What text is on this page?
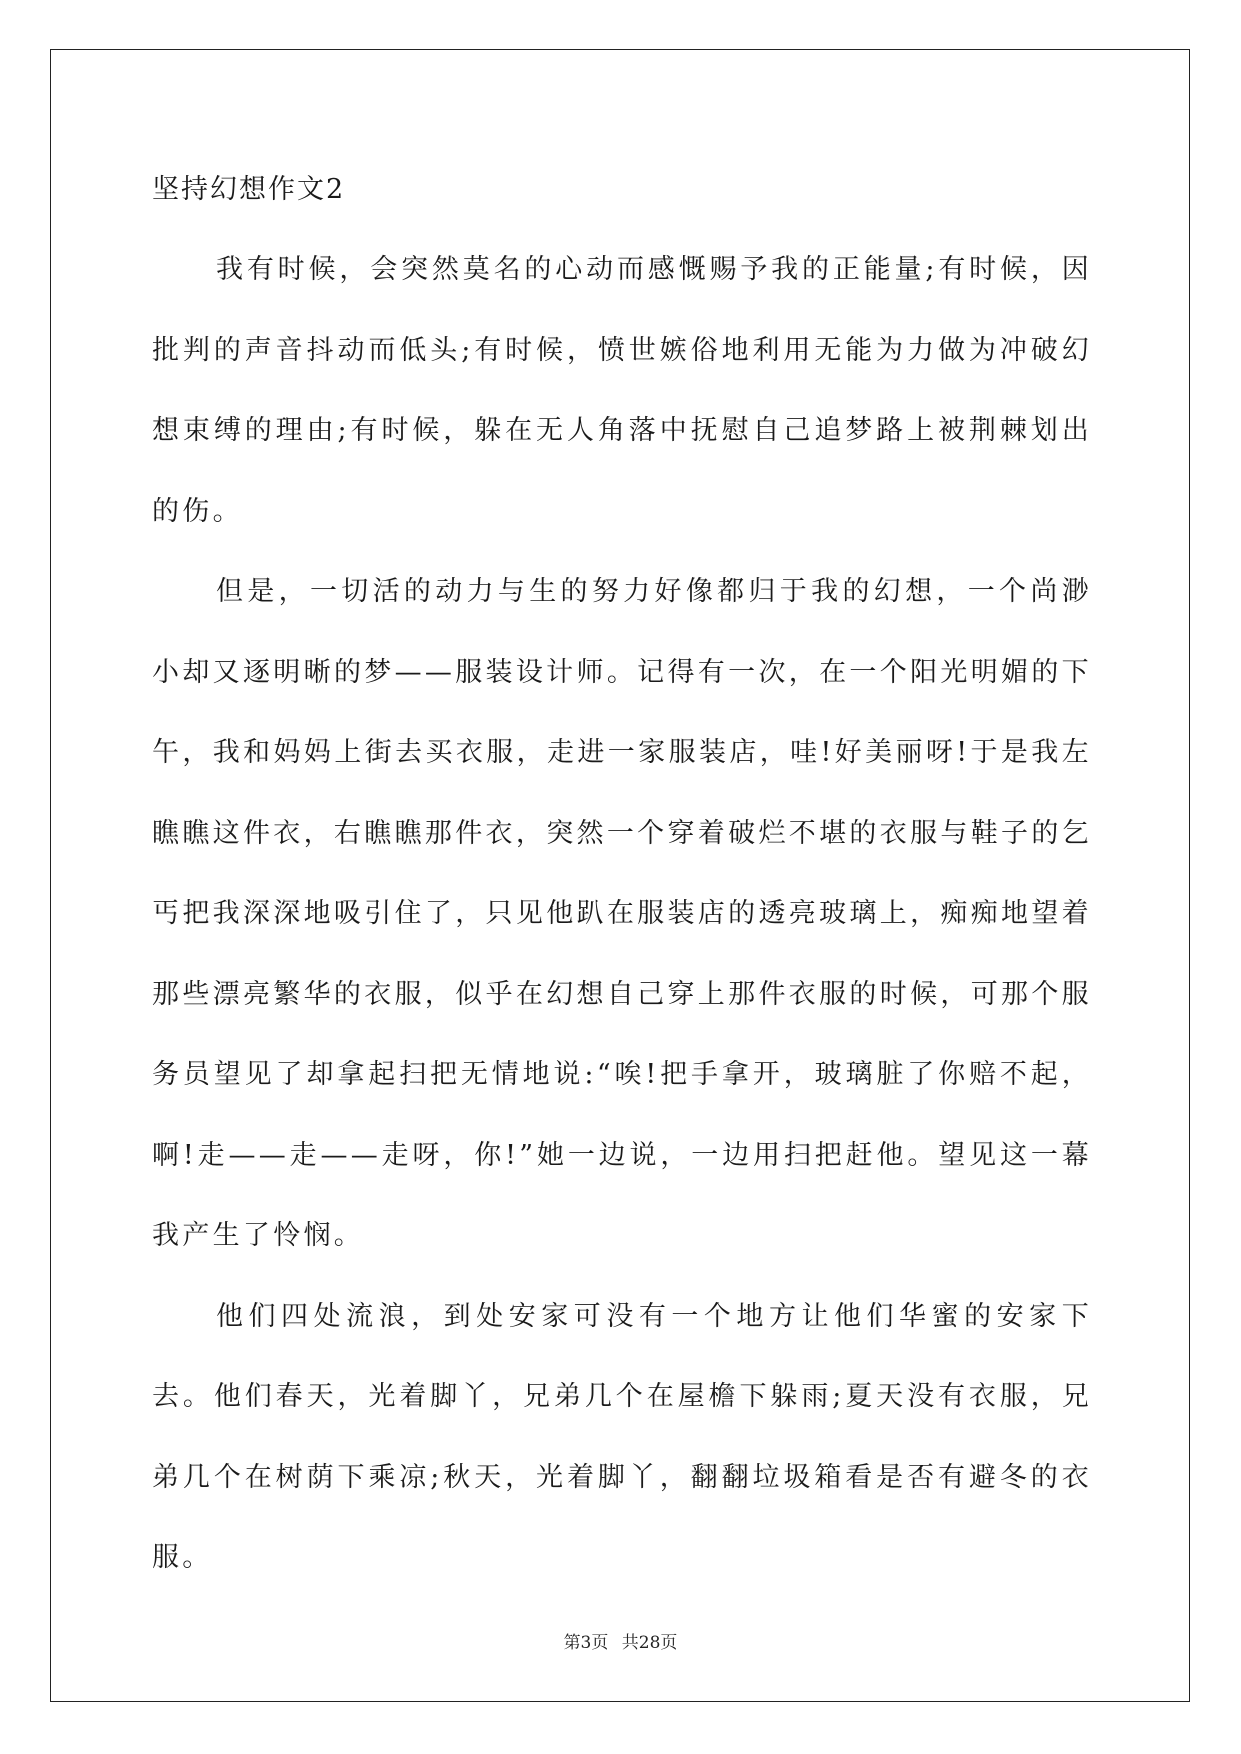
坚持幻想作文2

我有时候，会突然莫名的心动而感慨赐予我的正能量;有时候，因批判的声音抖动而低头;有时候，愤世嫉俗地利用无能为力做为冲破幻想束缚的理由;有时候，躲在无人角落中抚慰自己追梦路上被荆棘划出的伤。

但是，一切活的动力与生的努力好像都归于我的幻想，一个尚渺小却又逐明晰的梦——服装设计师。记得有一次，在一个阳光明媚的下午，我和妈妈上街去买衣服，走进一家服装店，哇!好美丽呀!于是我左瞧瞧这件衣，右瞧瞧那件衣，突然一个穿着破烂不堪的衣服与鞋子的乞丐把我深深地吸引住了，只见他趴在服装店的透亮玻璃上，痴痴地望着那些漂亮繁华的衣服，似乎在幻想自己穿上那件衣服的时候，可那个服务员望见了却拿起扫把无情地说:“唉!把手拿开，玻璃脏了你赔不起，啊!走——走——走呀，你!”她一边说，一边用扫把赶他。望见这一幕我产生了怜悯。

他们四处流浪，到处安家可没有一个地方让他们华蜜的安家下去。他们春天，光着脚丫，兄弟几个在屋檐下躲雨;夏天没有衣服，兄弟几个在树荫下乘凉;秋天，光着脚丫，翻翻垃圾箱看是否有避冬的衣服。

第3页 共28页
